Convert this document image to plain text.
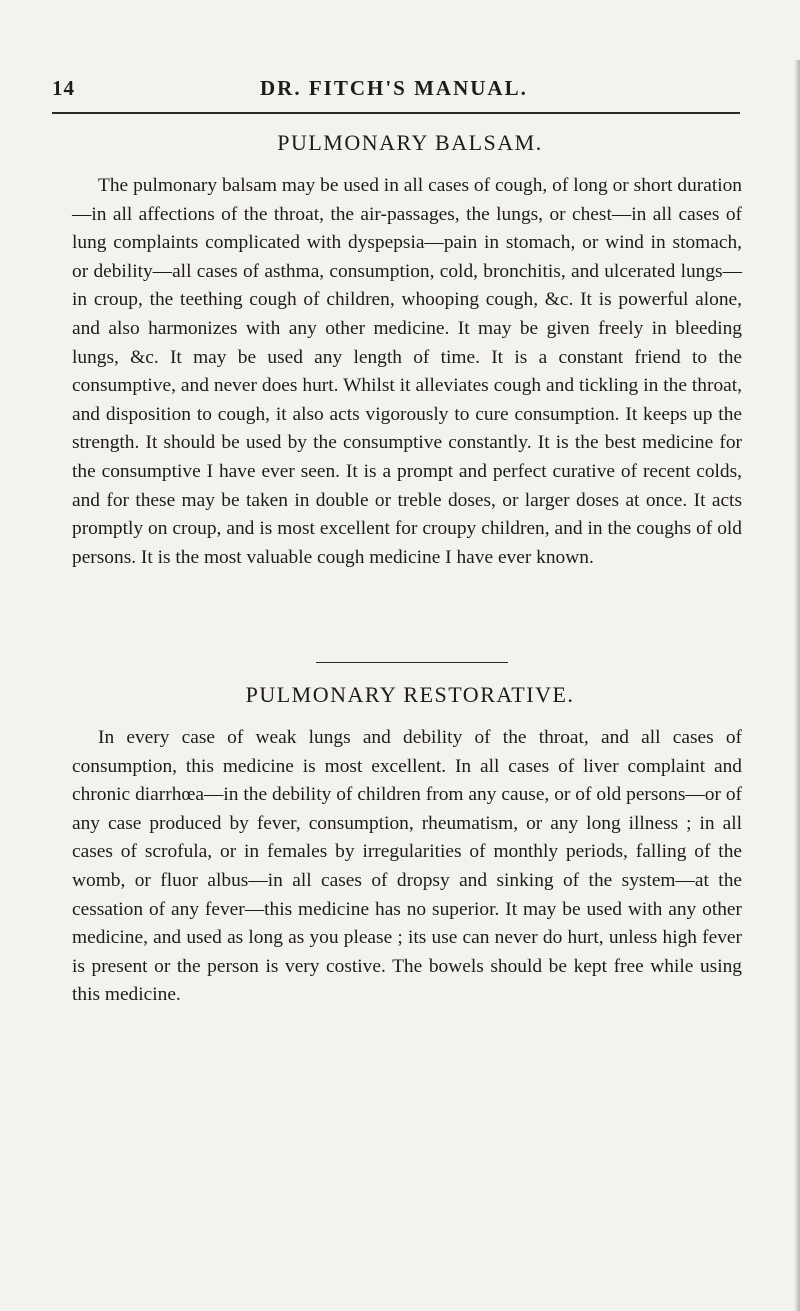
14	DR. FITCH'S MANUAL.
PULMONARY BALSAM.

The pulmonary balsam may be used in all cases of cough, of long or short duration—in all affections of the throat, the air-passages, the lungs, or chest—in all cases of lung complaints complicated with dyspepsia—pain in stomach, or wind in stomach, or debility—all cases of asthma, consumption, cold, bronchitis, and ulcerated lungs—in croup, the teething cough of children, whooping cough, &c. It is powerful alone, and also harmonizes with any other medicine. It may be given freely in bleeding lungs, &c. It may be used any length of time. It is a constant friend to the consumptive, and never does hurt. Whilst it alleviates cough and tickling in the throat, and disposition to cough, it also acts vigorously to cure consumption. It keeps up the strength. It should be used by the consumptive constantly. It is the best medicine for the consumptive I have ever seen. It is a prompt and perfect curative of recent colds, and for these may be taken in double or treble doses, or larger doses at once. It acts promptly on croup, and is most excellent for croupy children, and in the coughs of old persons. It is the most valuable cough medicine I have ever known.

PULMONARY RESTORATIVE.

In every case of weak lungs and debility of the throat, and all cases of consumption, this medicine is most excellent. In all cases of liver complaint and chronic diarrhœa—in the debility of children from any cause, or of old persons—or of any case produced by fever, consumption, rheumatism, or any long illness ; in all cases of scrofula, or in females by irregularities of monthly periods, falling of the womb, or fluor albus—in all cases of dropsy and sinking of the system—at the cessation of any fever—this medicine has no superior. It may be used with any other medicine, and used as long as you please ; its use can never do hurt, unless high fever is present or the person is very costive. The bowels should be kept free while using this medicine.
